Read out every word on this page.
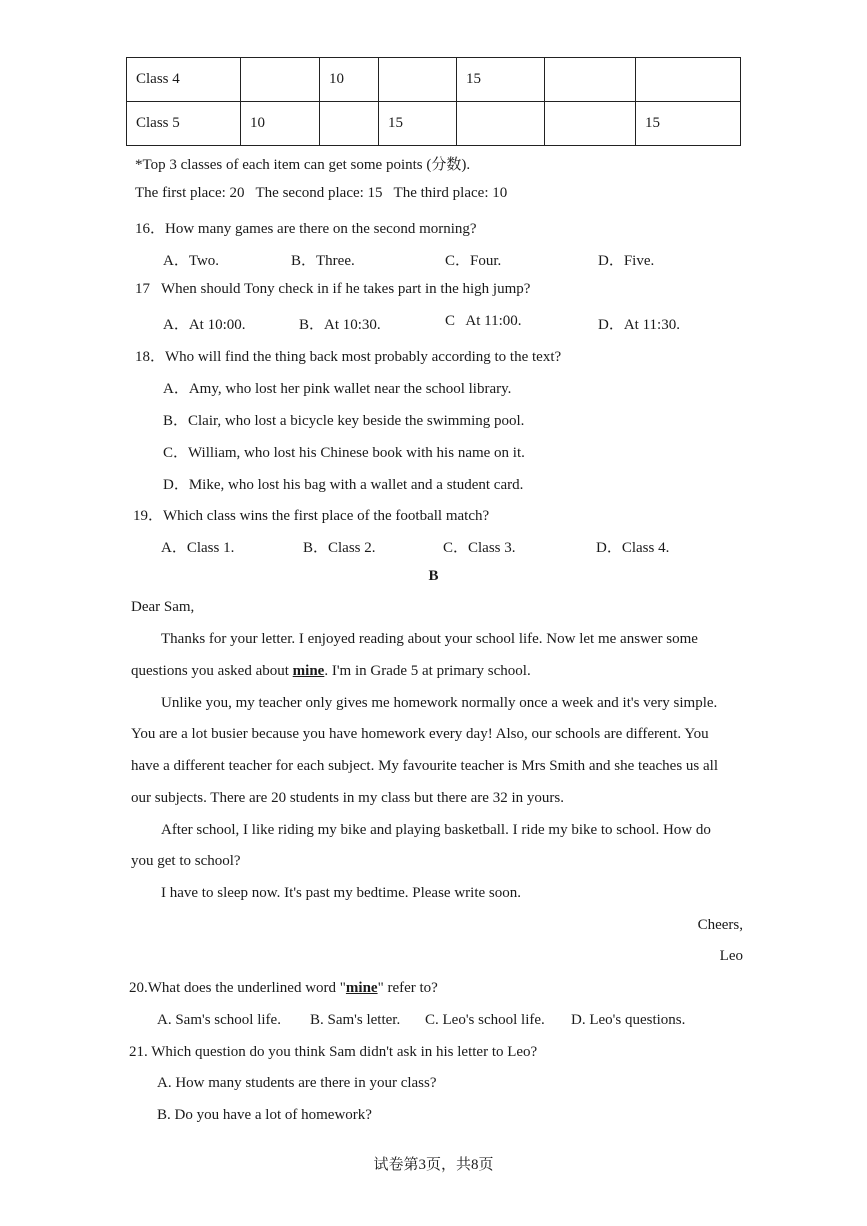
Class 4		10		15		
Class 5	10		15			15
*Top 3 classes of each item can get some points (分数).
The first place: 20   The second place: 15   The third place: 10
16．How many games are there on the second morning?
A．Two.	B．Three.	C．Four.	D．Five.
17   When should Tony check in if he takes part in the high jump?
A．At 10:00.	B．At 10:30.	C   At 11:00.	D．At 11:30.
18．Who will find the thing back most probably according to the text?
A．Amy, who lost her pink wallet near the school library.
B．Clair, who lost a bicycle key beside the swimming pool.
C．William, who lost his Chinese book with his name on it.
D．Mike, who lost his bag with a wallet and a student card.
19．Which class wins the first place of the football match?
A．Class 1.	B．Class 2.	C．Class 3.	D．Class 4.
B
Dear Sam,
Thanks for your letter. I enjoyed reading about your school life. Now let me answer some
questions you asked about mine. I'm in Grade 5 at primary school.
Unlike you, my teacher only gives me homework normally once a week and it's very simple.
You are a lot busier because you have homework every day! Also, our schools are different. You
have a different teacher for each subject. My favourite teacher is Mrs Smith and she teaches us all
our subjects. There are 20 students in my class but there are 32 in yours.
After school, I like riding my bike and playing basketball. I ride my bike to school. How do
you get to school?
I have to sleep now. It's past my bedtime. Please write soon.
Cheers,
Leo
20.What does the underlined word "mine" refer to?
A. Sam's school life. B. Sam's letter. C. Leo's school life. D. Leo's questions.
21. Which question do you think Sam didn't ask in his letter to Leo?
A. How many students are there in your class?
B. Do you have a lot of homework?
试卷第3页，共8页
